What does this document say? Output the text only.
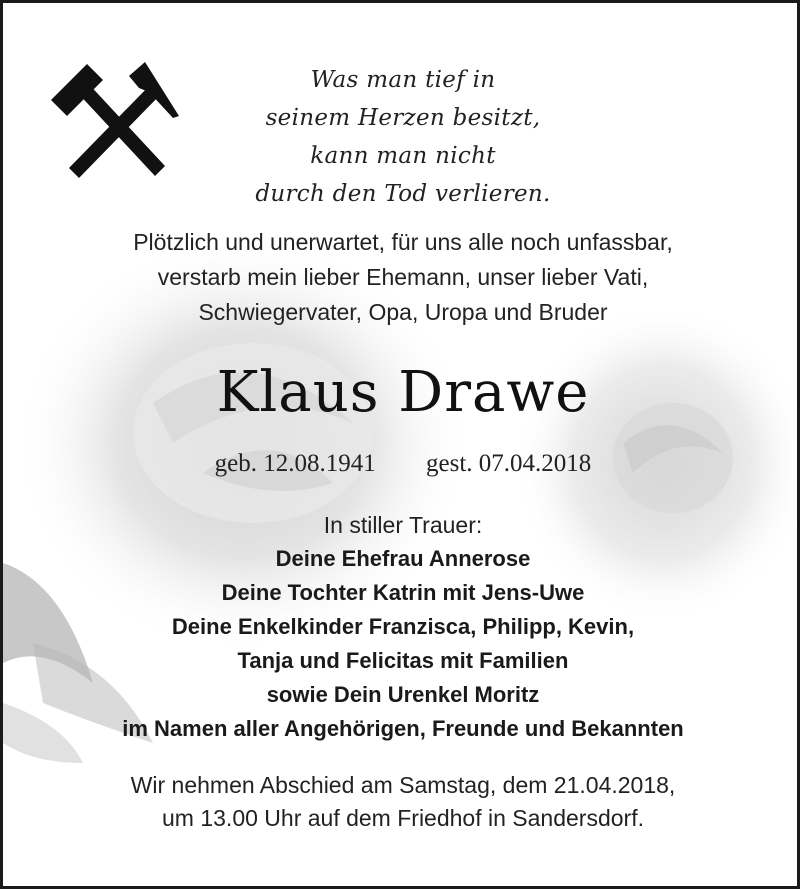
Was man tief in
seinem Herzen besitzt,
kann man nicht
durch den Tod verlieren.
Plötzlich und unerwartet, für uns alle noch unfassbar,
verstarb mein lieber Ehemann, unser lieber Vati,
Schwiegervater, Opa, Uropa und Bruder
Klaus Drawe
geb. 12.08.1941 gest. 07.04.2018
In stiller Trauer:
Deine Ehefrau Annerose
Deine Tochter Katrin mit Jens-Uwe
Deine Enkelkinder Franzisca, Philipp, Kevin,
Tanja und Felicitas mit Familien
sowie Dein Urenkel Moritz
im Namen aller Angehörigen, Freunde und Bekannten
Wir nehmen Abschied am Samstag, dem 21.04.2018,
um 13.00 Uhr auf dem Friedhof in Sandersdorf.
